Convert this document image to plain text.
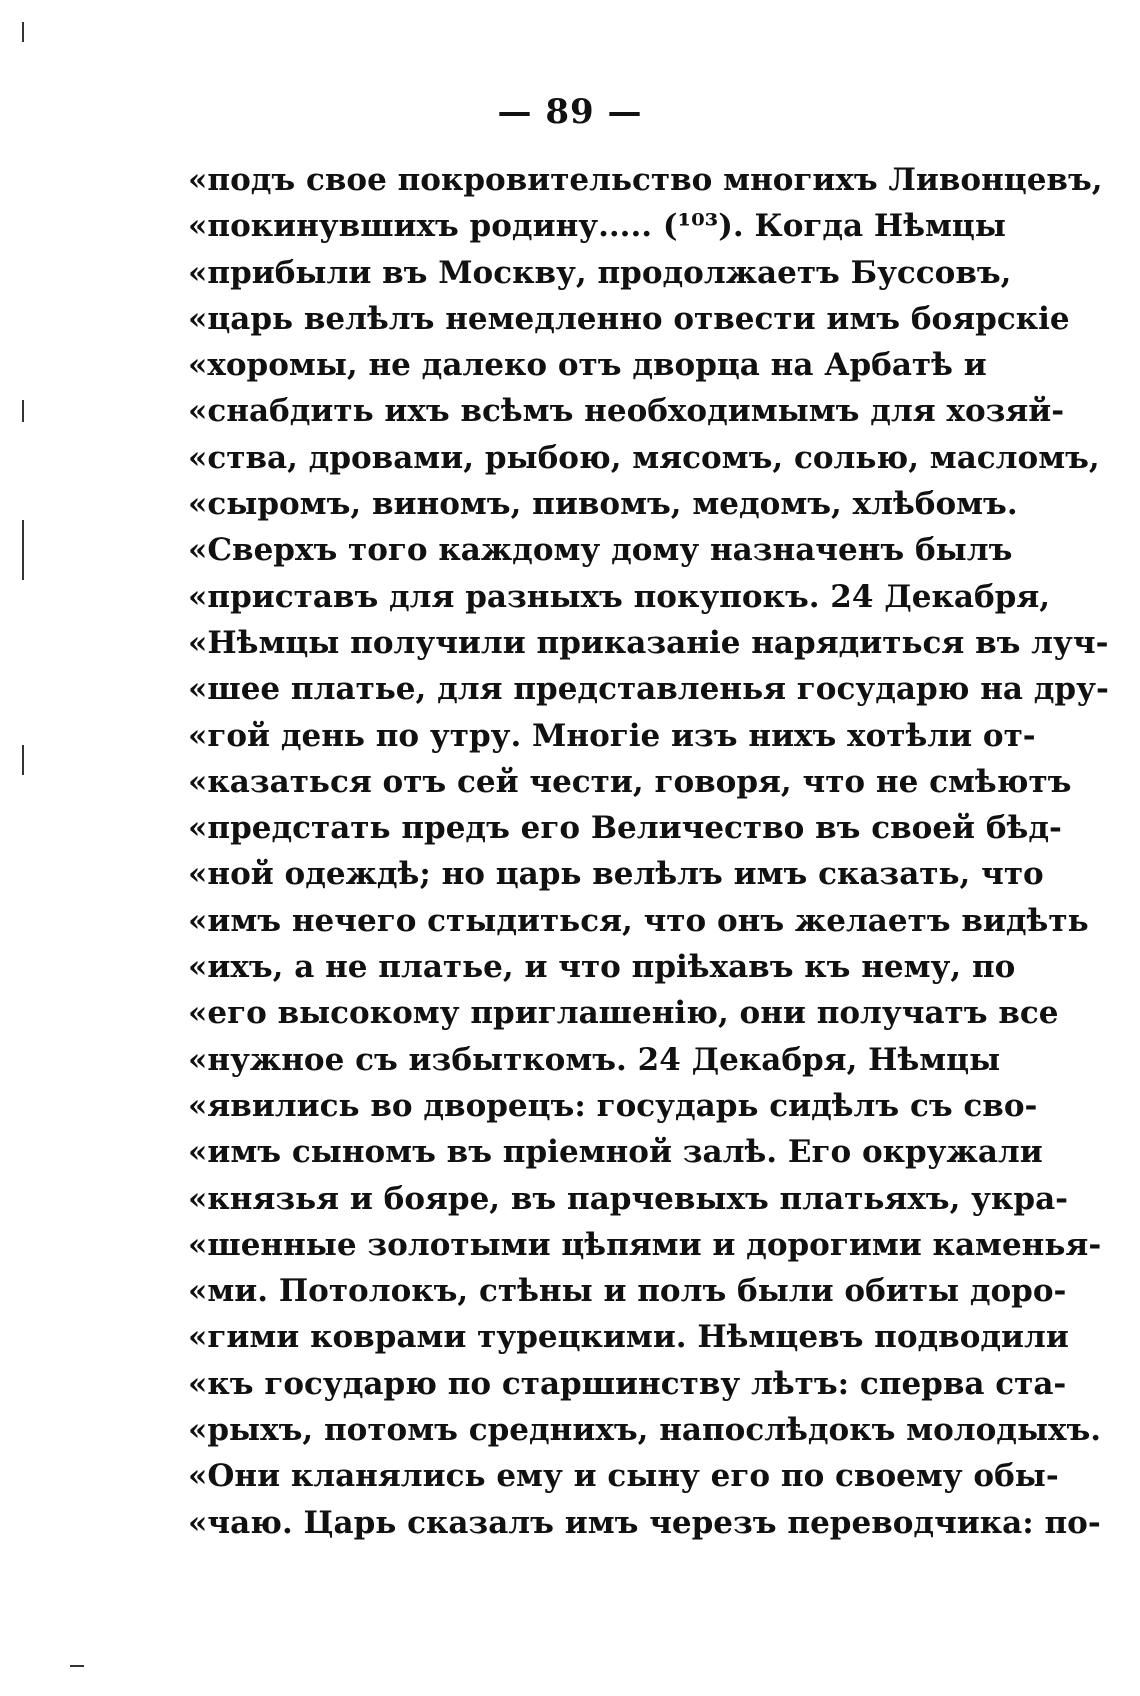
— 89 —
«подъ свое покровительство многихъ Ливонцевъ,
«покинувшихъ родину..... (¹⁰³). Когда Нѣмцы
«прибыли въ Москву, продолжаетъ Буссовъ,
«царь велѣлъ немедленно отвести имъ боярскіе
«хоромы, не далеко отъ дворца на Арбатѣ и
«снабдить ихъ всѣмъ необходимымъ для хозяй-
«ства, дровами, рыбою, мясомъ, солью, масломъ,
«сыромъ, виномъ, пивомъ, медомъ, хлѣбомъ.
«Сверхъ того каждому дому назначенъ былъ
«приставъ для разныхъ покупокъ. 24 Декабря,
«Нѣмцы получили приказаніе нарядиться въ луч-
«шее платье, для представленья государю на дру-
«гой день по утру. Многіе изъ нихъ хотѣли от-
«казаться отъ сей чести, говоря, что не смѣютъ
«предстать предъ его Величество въ своей бѣд-
«ной одеждѣ; но царь велѣлъ имъ сказать, что
«имъ нечего стыдиться, что онъ желаетъ видѣть
«ихъ, а не платье, и что пріѣхавъ къ нему, по
«его высокому приглашенію, они получатъ все
«нужное съ избыткомъ. 24 Декабря, Нѣмцы
«явились во дворецъ: государь сидѣлъ съ сво-
«имъ сыномъ въ пріемной залѣ. Его окружали
«князья и бояре, въ парчевыхъ платьяхъ, укра-
«шенные золотыми цѣпями и дорогими каменья-
«ми. Потолокъ, стѣны и полъ были обиты доро-
«гими коврами турецкими. Нѣмцевъ подводили
«къ государю по старшинству лѣтъ: сперва ста-
«рыхъ, потомъ среднихъ, напослѣдокъ молодыхъ.
«Они кланялись ему и сыну его по своему обы-
«чаю. Царь сказалъ имъ черезъ переводчика: по-
